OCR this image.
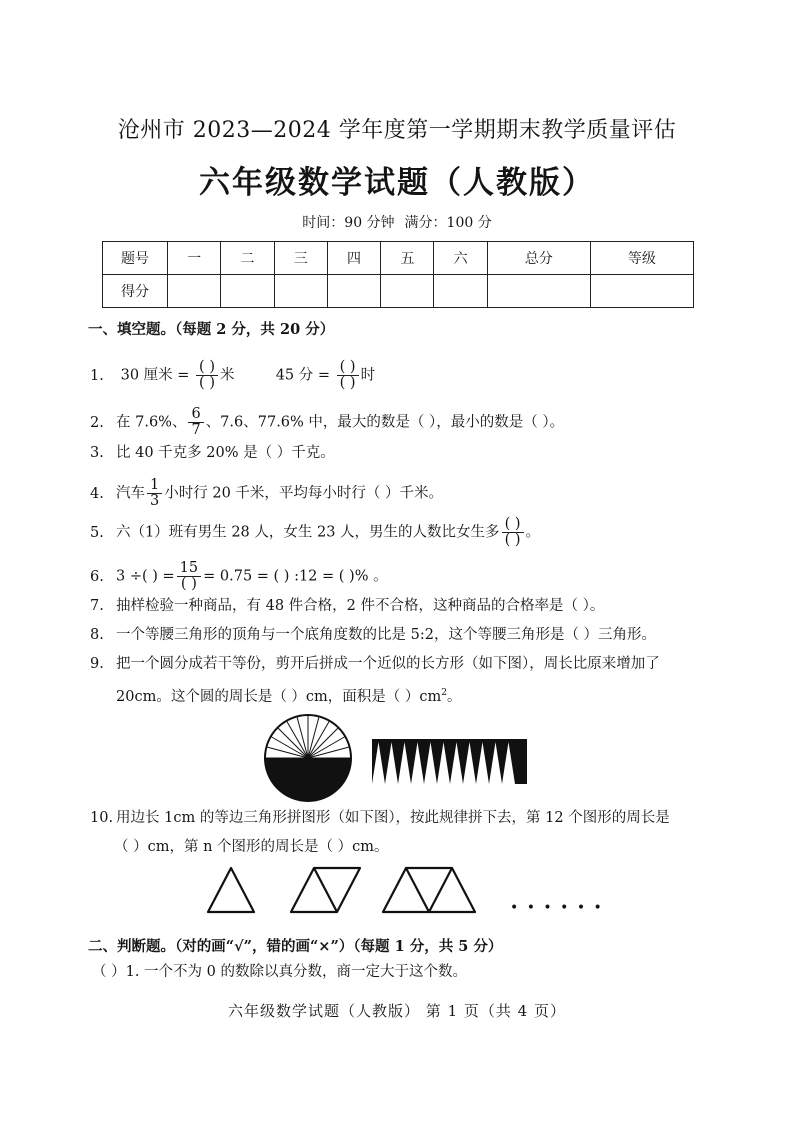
沧州市 2023—2024 学年度第一学期期末教学质量评估
六年级数学试题（人教版）
时间：90 分钟 满分：100 分
题号	一	二	三	四	五	六	总分	等级
得分								
一、填空题。（每题 2 分，共 20 分）
1. 30 厘米 = $\frac{( )}{( )}$ 米	45 分 = $\frac{( )}{( )}$ 时
2. 在 7.6%、 $\frac{6}{7}$ 、7.6、77.6% 中，最大的数是（ ），最小的数是（ ）。
3. 比 40 千克多 20% 是（ ）千克。
4. 汽车 $\frac{1}{3}$ 小时行 20 千米，平均每小时行（ ）千米。
5. 六（1）班有男生 28 人，女生 23 人，男生的人数比女生多 $\frac{( )}{( )}$ 。
6. 3 ÷( ) = $\frac{15}{( )} = 0.75$ = ( ) :12 = ( )% 。
7. 抽样检验一种商品，有 48 件合格，2 件不合格，这种商品的合格率是（ ）。
8. 一个等腰三角形的顶角与一个底角度数的比是 5:2，这个等腰三角形是（ ）三角形。
9. 把一个圆分成若干等份，剪开后拼成一个近似的长方形（如下图），周长比原来增加了
20cm。这个圆的周长是（ ）cm，面积是（ ）$cm^2$。
10. 用边长 1cm 的等边三角形拼图形（如下图），按此规律拼下去，第 12 个图形的周长是
（ ）cm，第 n 个图形的周长是（ ）cm。
• • • • • •
二、判断题。（对的画“√”，错的画“×”）（每题 1 分，共 5 分）
（ ）1. 一个不为 0 的数除以真分数，商一定大于这个数。
六年级数学试题（人教版） 第 1 页（共 4 页）
